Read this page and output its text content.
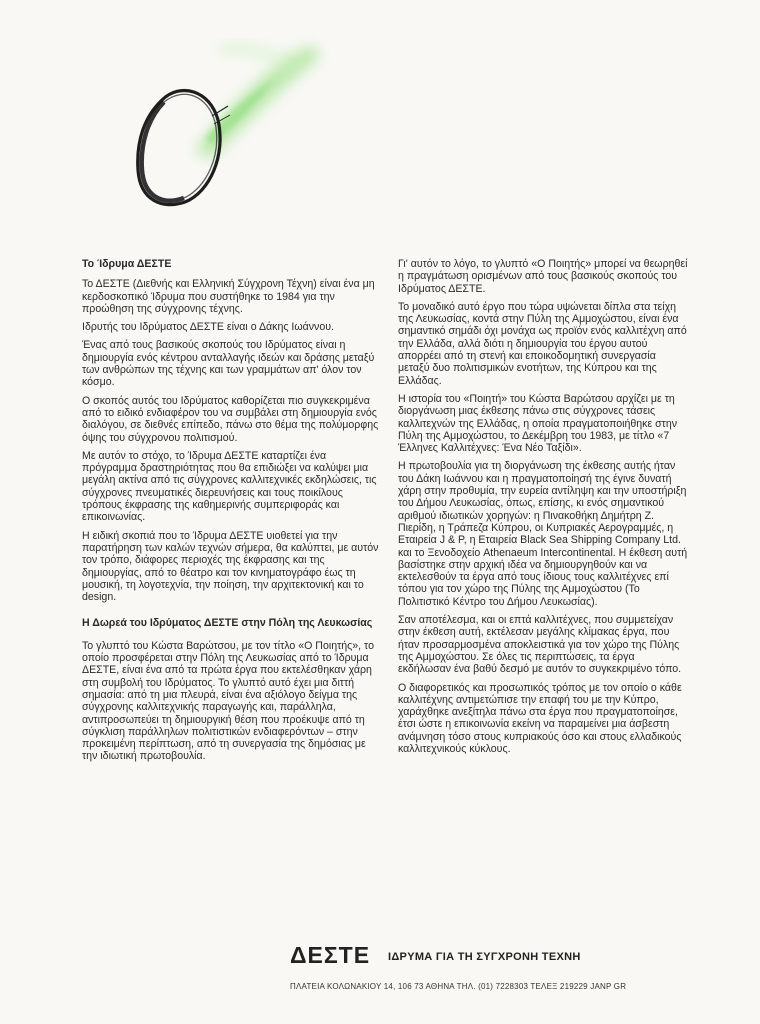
Το Ίδρυμα ΔΕΣΤΕ

Το ΔΕΣΤΕ (Διεθνής και Ελληνική Σύγχρονη Τέχνη) είναι ένα μη κερδοσκοπικό Ίδρυμα που συστήθηκε το 1984 για την προώθηση της σύγχρονης τέχνης.

Ιδρυτής του Ιδρύματος ΔΕΣΤΕ είναι ο Δάκης Ιωάννου.

Ένας από τους βασικούς σκοπούς του Ιδρύματος είναι η δημιουργία ενός κέντρου ανταλλαγής ιδεών και δράσης μεταξύ των ανθρώπων της τέχνης και των γραμμάτων απ' όλον τον κόσμο.

Ο σκοπός αυτός του Ιδρύματος καθορίζεται πιο συγκεκριμένα από το ειδικό ενδιαφέρον του να συμβάλει στη δημιουργία ενός διαλόγου, σε διεθνές επίπεδο, πάνω στο θέμα της πολύμορφης όψης του σύγχρονου πολιτισμού.

Με αυτόν το στόχο, το Ίδρυμα ΔΕΣΤΕ καταρτίζει ένα πρόγραμμα δραστηριότητας που θα επιδιώξει να καλύψει μια μεγάλη ακτίνα από τις σύγχρονες καλλιτεχνικές εκδηλώσεις, τις σύγχρονες πνευματικές διερευνήσεις και τους ποικίλους τρόπους έκφρασης της καθημερινής συμπεριφοράς και επικοινωνίας.

Η ειδική σκοπιά που το Ίδρυμα ΔΕΣΤΕ υιοθετεί για την παρατήρηση των καλών τεχνών σήμερα, θα καλύπτει, με αυτόν τον τρόπο, διάφορες περιοχές της έκφρασης και της δημιουργίας, από το θέατρο και τον κινηματογράφο έως τη μουσική, τη λογοτεχνία, την ποίηση, την αρχιτεκτονική και το design.

Η Δωρεά του Ιδρύματος ΔΕΣΤΕ στην Πόλη της Λευκωσίας

Το γλυπτό του Κώστα Βαρώτσου, με τον τίτλο «Ο Ποιητής», το οποίο προσφέρεται στην Πόλη της Λευκωσίας από το Ίδρυμα ΔΕΣΤΕ, είναι ένα από τα πρώτα έργα που εκτελέσθηκαν χάρη στη συμβολή του Ιδρύματος. Το γλυπτό αυτό έχει μια διττή σημασία: από τη μια πλευρά, είναι ένα αξιόλογο δείγμα της σύγχρονης καλλιτεχνικής παραγωγής και, παράλληλα, αντιπροσωπεύει τη δημιουργική θέση που προέκυψε από τη σύγκλιση παράλληλων πολιτιστικών ενδιαφερόντων – στην προκειμένη περίπτωση, από τη συνεργασία της δημόσιας με την ιδιωτική πρωτοβουλία.

Γι' αυτόν το λόγο, το γλυπτό «Ο Ποιητής» μπορεί να θεωρηθεί η πραγμάτωση ορισμένων από τους βασικούς σκοπούς του Ιδρύματος ΔΕΣΤΕ.

Το μοναδικό αυτό έργο που τώρα υψώνεται δίπλα στα τείχη της Λευκωσίας, κοντά στην Πύλη της Αμμοχώστου, είναι ένα σημαντικό σημάδι όχι μονάχα ως προϊόν ενός καλλιτέχνη από την Ελλάδα, αλλά διότι η δημιουργία του έργου αυτού απορρέει από τη στενή και εποικοδομητική συνεργασία μεταξύ δυο πολιτισμικών ενοτήτων, της Κύπρου και της Ελλάδας.

Η ιστορία του «Ποιητή» του Κώστα Βαρώτσου αρχίζει με τη διοργάνωση μιας έκθεσης πάνω στις σύγχρονες τάσεις καλλιτεχνών της Ελλάδας, η οποία πραγματοποιήθηκε στην Πύλη της Αμμοχώστου, το Δεκέμβρη του 1983, με τίτλο «7 Έλληνες Καλλιτέχνες: Ένα Νέο Ταξίδι».

Η πρωτοβουλία για τη διοργάνωση της έκθεσης αυτής ήταν του Δάκη Ιωάννου και η πραγματοποίησή της έγινε δυνατή χάρη στην προθυμία, την ευρεία αντίληψη και την υποστήριξη του Δήμου Λευκωσίας, όπως, επίσης, κι ενός σημαντικού αριθμού ιδιωτικών χορηγών: η Πινακοθήκη Δημήτρη Ζ. Πιερίδη, η Τράπεζα Κύπρου, οι Κυπριακές Αερογραμμές, η Εταιρεία J & P, η Εταιρεία Black Sea Shipping Company Ltd. και το Ξενοδοχείο Athenaeum Intercontinental. Η έκθεση αυτή βασίστηκε στην αρχική ιδέα να δημιουργηθούν και να εκτελεσθούν τα έργα από τους ίδιους τους καλλιτέχνες επί τόπου για τον χώρο της Πύλης της Αμμοχώστου (Το Πολιτιστικό Κέντρο του Δήμου Λευκωσίας).

Σαν αποτέλεσμα, και οι επτά καλλιτέχνες, που συμμετείχαν στην έκθεση αυτή, εκτέλεσαν μεγάλης κλίμακας έργα, που ήταν προσαρμοσμένα αποκλειστικά για τον χώρο της Πύλης της Αμμοχώστου. Σε όλες τις περιπτώσεις, τα έργα εκδήλωσαν ένα βαθύ δεσμό με αυτόν το συγκεκριμένο τόπο.

Ο διαφορετικός και προσωπικός τρόπος με τον οποίο ο κάθε καλλιτέχνης αντιμετώπισε την επαφή του με την Κύπρο, χαράχθηκε ανεξίτηλα πάνω στα έργα που πραγματοποίησε, έτσι ώστε η επικοινωνία εκείνη να παραμείνει μια άσβεστη ανάμνηση τόσο στους κυπριακούς όσο και στους ελλαδικούς καλλιτεχνικούς κύκλους.

ΔΕΣΤΕ ΙΔΡΥΜΑ ΓΙΑ ΤΗ ΣΥΓΧΡΟΝΗ ΤΕΧΝΗ
ΠΛΑΤΕΙΑ ΚΟΛΩΝΑΚΙΟΥ 14, 106 73 ΑΘΗΝΑ ΤΗΛ. (01) 7228303 ΤΕΛΕΞ 219229 JANP GR
